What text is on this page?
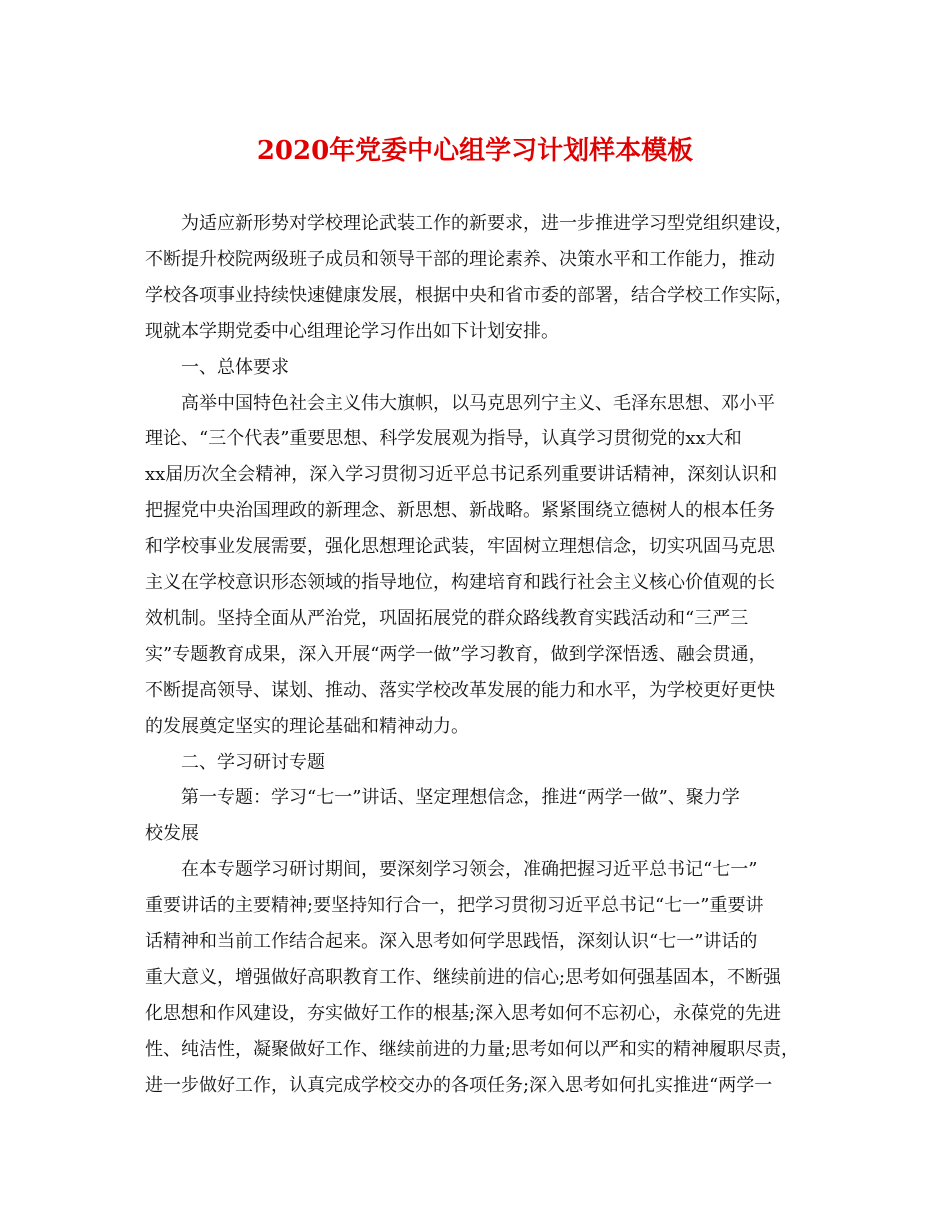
2020年党委中心组学习计划样本模板
为适应新形势对学校理论武装工作的新要求，进一步推进学习型党组织建设，
不断提升校院两级班子成员和领导干部的理论素养、决策水平和工作能力，推动
学校各项事业持续快速健康发展，根据中央和省市委的部署，结合学校工作实际，
现就本学期党委中心组理论学习作出如下计划安排。
一、总体要求
高举中国特色社会主义伟大旗帜，以马克思列宁主义、毛泽东思想、邓小平
理论、“三个代表”重要思想、科学发展观为指导，认真学习贯彻党的xx大和
xx届历次全会精神，深入学习贯彻习近平总书记系列重要讲话精神，深刻认识和
把握党中央治国理政的新理念、新思想、新战略。紧紧围绕立德树人的根本任务
和学校事业发展需要，强化思想理论武装，牢固树立理想信念，切实巩固马克思
主义在学校意识形态领域的指导地位，构建培育和践行社会主义核心价值观的长
效机制。坚持全面从严治党，巩固拓展党的群众路线教育实践活动和“三严三
实”专题教育成果，深入开展“两学一做”学习教育，做到学深悟透、融会贯通，
不断提高领导、谋划、推动、落实学校改革发展的能力和水平，为学校更好更快
的发展奠定坚实的理论基础和精神动力。
二、学习研讨专题
第一专题：学习“七一”讲话、坚定理想信念，推进“两学一做”、聚力学
校发展
在本专题学习研讨期间，要深刻学习领会，准确把握习近平总书记“七一”
重要讲话的主要精神;要坚持知行合一，把学习贯彻习近平总书记“七一”重要讲
话精神和当前工作结合起来。深入思考如何学思践悟，深刻认识“七一”讲话的
重大意义，增强做好高职教育工作、继续前进的信心;思考如何强基固本，不断强
化思想和作风建设，夯实做好工作的根基;深入思考如何不忘初心，永葆党的先进
性、纯洁性，凝聚做好工作、继续前进的力量;思考如何以严和实的精神履职尽责，
进一步做好工作，认真完成学校交办的各项任务;深入思考如何扎实推进“两学一
